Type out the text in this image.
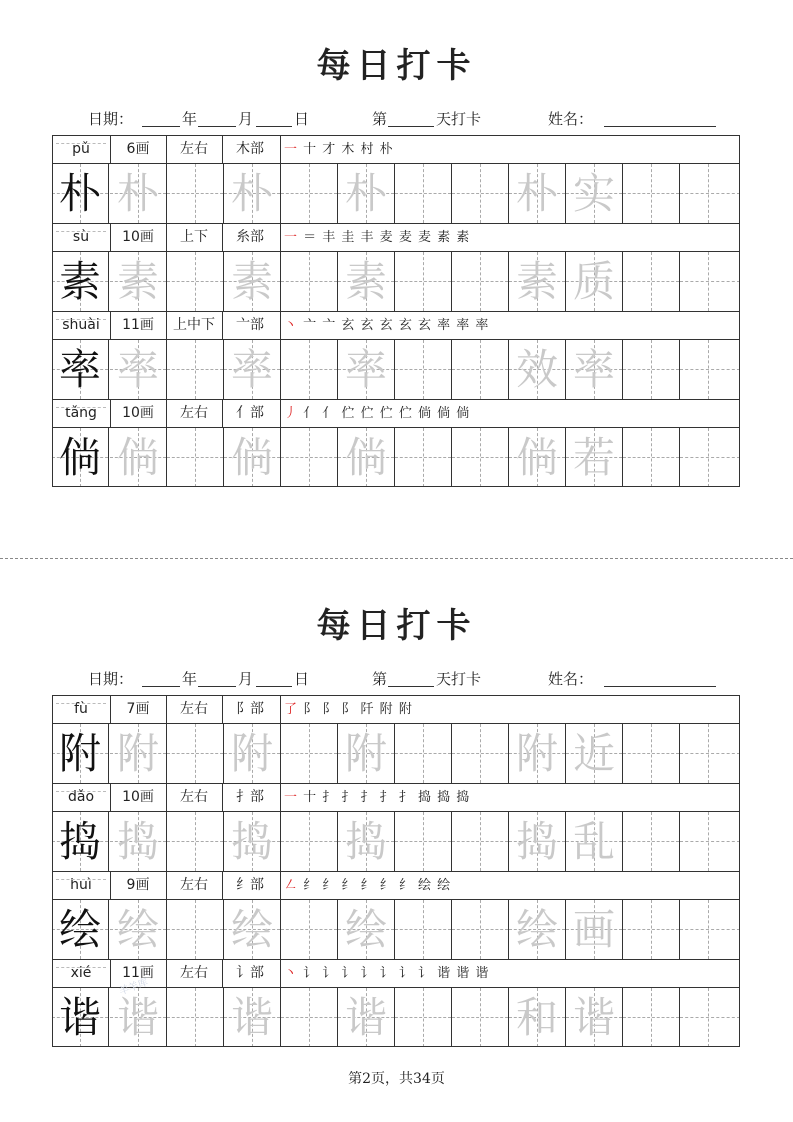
每日打卡
日期：	年	月	日	第	天打卡	姓名：
pǔ	6画	左右	木部	一 十 才 木 村 朴
朴 朴 朴 朴	朴 实
sù	10画	上下	糸部	一 ＝ 丰 圭 丰 麦 麦 麦 素 素
素 素 素 素	素 质
shuài	11画	上中下	亠部	丶 亠 亠 玄 玄 玄 玄 玄 率 率 率
率 率 率 率	效 率
tǎng	10画	左右	亻部	丿 亻 亻 伫 伫 伫 伫 倘 倘 倘
倘 倘 倘 倘	倘 若
每日打卡
日期：	年	月	日	第	天打卡	姓名：
fù	7画	左右	阝部	了 阝 阝 阝 阡 附 附
附 附 附 附	附 近
dǎo	10画	左右	扌部	一 十 扌 扌 扌 扌 扌 捣 捣 捣
捣 捣 捣 捣	捣 乱
huì	9画	左右	纟部	㇜ 纟 纟 纟 纟 纟 纟 绘 绘
绘 绘 绘 绘	绘 画
xié	11画	左右	讠部	丶 讠 讠 讠 讠 讠 讠 讠 谐 谐 谐
谐 谐 谐 谐	和 谐
羊羊库
第2页，共34页
